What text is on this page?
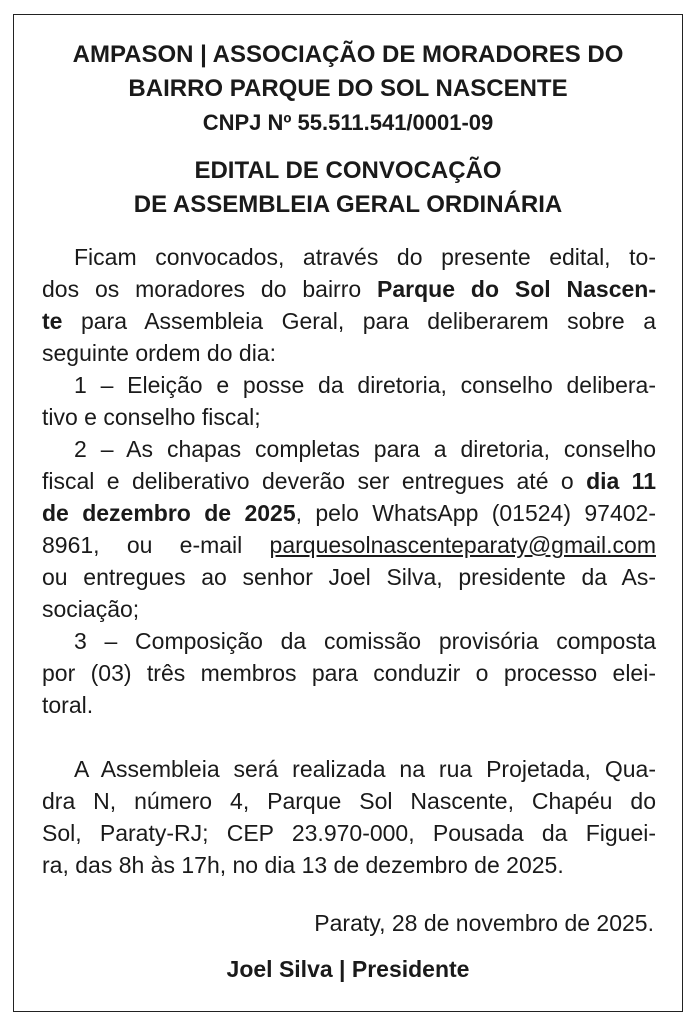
AMPASON | ASSOCIAÇÃO DE MORADORES DO
BAIRRO PARQUE DO SOL NASCENTE
CNPJ Nº 55.511.541/0001-09
EDITAL DE CONVOCAÇÃO
DE ASSEMBLEIA GERAL ORDINÁRIA
Ficam convocados, através do presente edital, to-
dos os moradores do bairro Parque do Sol Nascen-
te para Assembleia Geral, para deliberarem sobre a
seguinte ordem do dia:
1 – Eleição e posse da diretoria, conselho delibera-
tivo e conselho fiscal;
2 – As chapas completas para a diretoria, conselho
fiscal e deliberativo deverão ser entregues até o dia 11
de dezembro de 2025, pelo WhatsApp (01524) 97402-
8961, ou e-mail parquesolnascenteparaty@gmail.com
ou entregues ao senhor Joel Silva, presidente da As-
sociação;
3 – Composição da comissão provisória composta
por (03) três membros para conduzir o processo elei-
toral.
A Assembleia será realizada na rua Projetada, Qua-
dra N, número 4, Parque Sol Nascente, Chapéu do
Sol, Paraty-RJ; CEP 23.970-000, Pousada da Figuei-
ra, das 8h às 17h, no dia 13 de dezembro de 2025.
Paraty, 28 de novembro de 2025.
Joel Silva | Presidente
